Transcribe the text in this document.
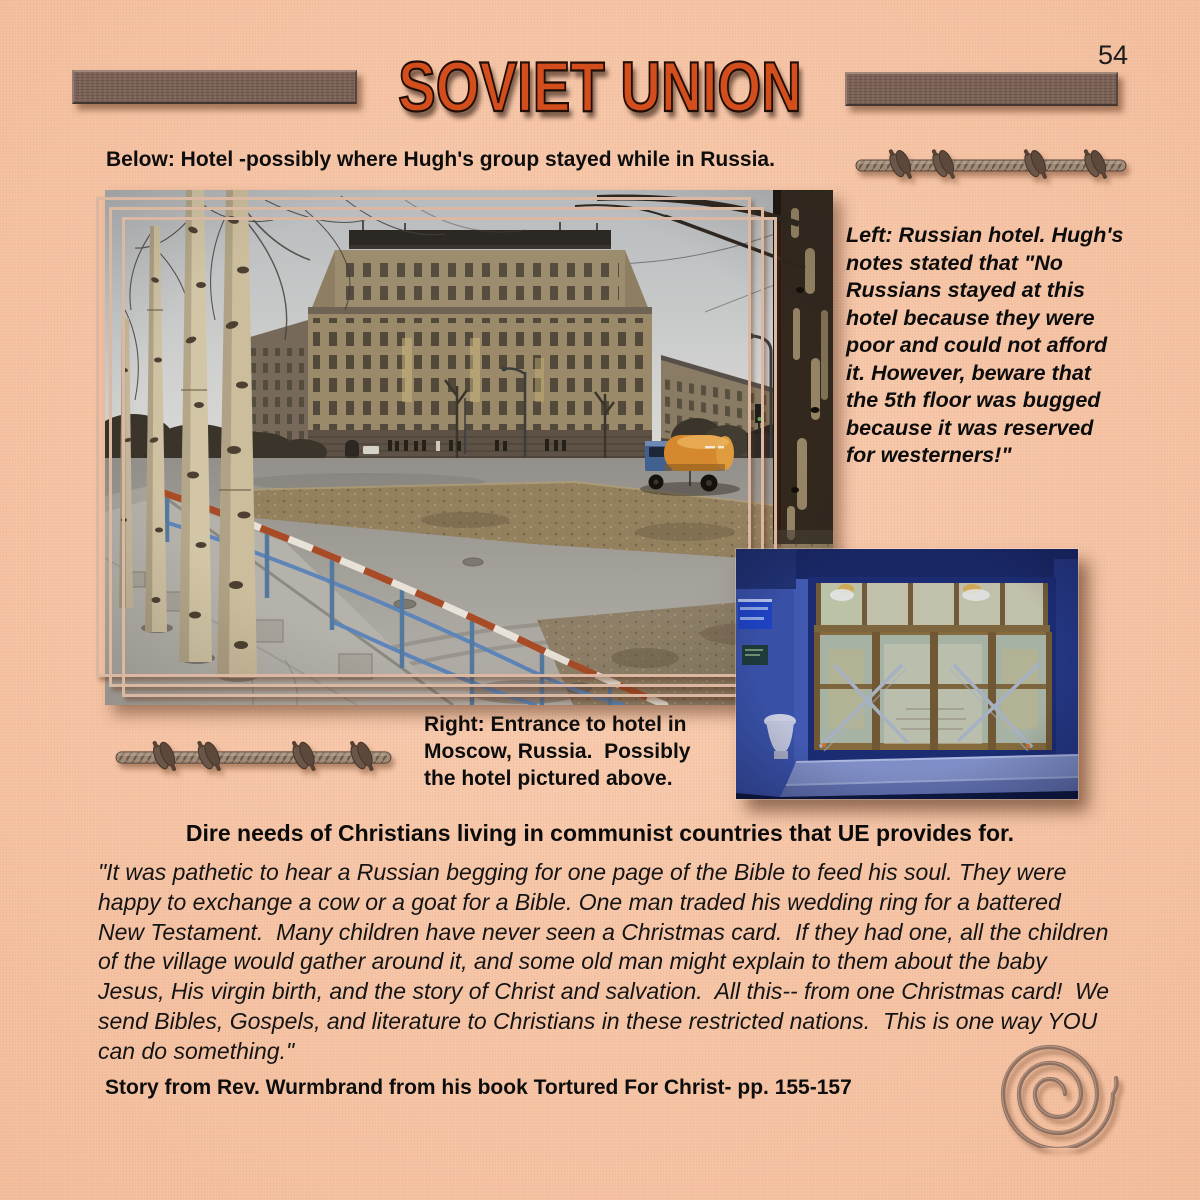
SOVIET UNION	54
Below: Hotel -possibly where Hugh's group stayed while in Russia.
Left: Russian hotel. Hugh's notes stated that "No Russians stayed at this hotel because they were poor and could not afford it. However, beware that the 5th floor was bugged because it was reserved for westerners!"
Right: Entrance to hotel in Moscow, Russia.  Possibly the hotel pictured above.
Dire needs of Christians living in communist countries that UE provides for.
"It was pathetic to hear a Russian begging for one page of the Bible to feed his soul. They were happy to exchange a cow or a goat for a Bible. One man traded his wedding ring for a battered New Testament.  Many children have never seen a Christmas card.  If they had one, all the children of the village would gather around it, and some old man might explain to them about the baby Jesus, His virgin birth, and the story of Christ and salvation.  All this-- from one Christmas card!  We send Bibles, Gospels, and literature to Christians in these restricted nations.  This is one way YOU can do something."
Story from Rev. Wurmbrand from his book Tortured For Christ- pp. 155-157
